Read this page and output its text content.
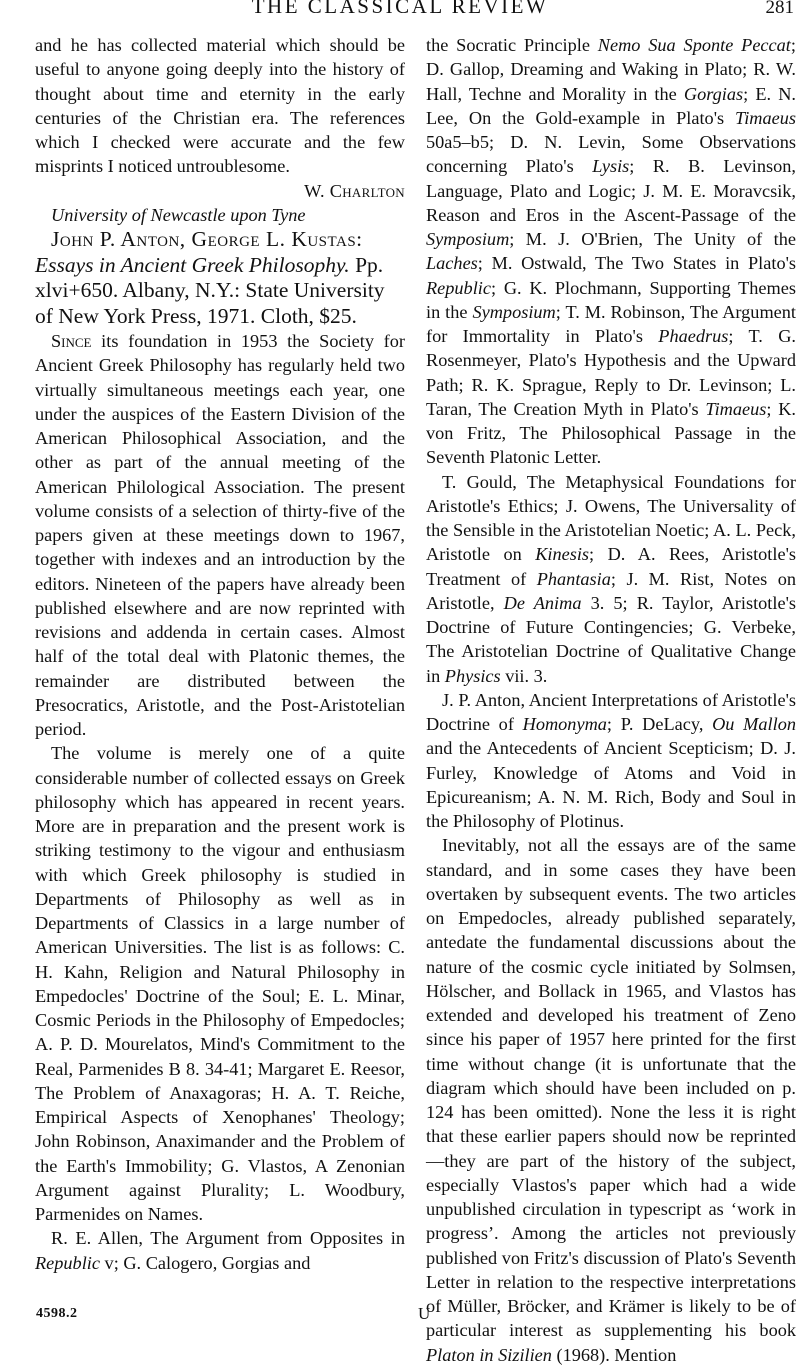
THE CLASSICAL REVIEW	281

and he has collected material which should be useful to anyone going deeply into the history of thought about time and eternity in the early centuries of the Christian era. The references which I checked were accurate and the few misprints I noticed untroublesome.

W. Charlton

University of Newcastle upon Tyne

John P. Anton, George L. Kustas: Essays in Ancient Greek Philosophy. Pp. xlvi+650. Albany, N.Y.: State University of New York Press, 1971. Cloth, $25.

Since its foundation in 1953 the Society for Ancient Greek Philosophy has regularly held two virtually simultaneous meetings each year, one under the auspices of the Eastern Division of the American Philosophical Association, and the other as part of the annual meeting of the American Philological Association. The present volume consists of a selection of thirty-five of the papers given at these meetings down to 1967, together with indexes and an introduction by the editors. Nineteen of the papers have already been published elsewhere and are now reprinted with revisions and addenda in certain cases. Almost half of the total deal with Platonic themes, the remainder are distributed between the Presocratics, Aristotle, and the Post-Aristotelian period.

The volume is merely one of a quite considerable number of collected essays on Greek philosophy which has appeared in recent years. More are in preparation and the present work is striking testimony to the vigour and enthusiasm with which Greek philosophy is studied in Departments of Philosophy as well as in Departments of Classics in a large number of American Universities. The list is as follows: C. H. Kahn, Religion and Natural Philosophy in Empedocles' Doctrine of the Soul; E. L. Minar, Cosmic Periods in the Philosophy of Empedocles; A. P. D. Mourelatos, Mind's Commitment to the Real, Parmenides B 8. 34-41; Margaret E. Reesor, The Problem of Anaxagoras; H. A. T. Reiche, Empirical Aspects of Xenophanes' Theology; John Robinson, Anaximander and the Problem of the Earth's Immobility; G. Vlastos, A Zenonian Argument against Plurality; L. Woodbury, Parmenides on Names.

R. E. Allen, The Argument from Opposites in Republic v; G. Calogero, Gorgias and

the Socratic Principle Nemo Sua Sponte Peccat; D. Gallop, Dreaming and Waking in Plato; R. W. Hall, Techne and Morality in the Gorgias; E. N. Lee, On the Gold-example in Plato's Timaeus 50a5–b5; D. N. Levin, Some Observations concerning Plato's Lysis; R. B. Levinson, Language, Plato and Logic; J. M. E. Moravcsik, Reason and Eros in the Ascent-Passage of the Symposium; M. J. O'Brien, The Unity of the Laches; M. Ostwald, The Two States in Plato's Republic; G. K. Plochmann, Supporting Themes in the Symposium; T. M. Robinson, The Argument for Immortality in Plato's Phaedrus; T. G. Rosenmeyer, Plato's Hypothesis and the Upward Path; R. K. Sprague, Reply to Dr. Levinson; L. Taran, The Creation Myth in Plato's Timaeus; K. von Fritz, The Philosophical Passage in the Seventh Platonic Letter.

T. Gould, The Metaphysical Foundations for Aristotle's Ethics; J. Owens, The Universality of the Sensible in the Aristotelian Noetic; A. L. Peck, Aristotle on Kinesis; D. A. Rees, Aristotle's Treatment of Phantasia; J. M. Rist, Notes on Aristotle, De Anima 3. 5; R. Taylor, Aristotle's Doctrine of Future Contingencies; G. Verbeke, The Aristotelian Doctrine of Qualitative Change in Physics vii. 3.

J. P. Anton, Ancient Interpretations of Aristotle's Doctrine of Homonyma; P. DeLacy, Ou Mallon and the Antecedents of Ancient Scepticism; D. J. Furley, Knowledge of Atoms and Void in Epicureanism; A. N. M. Rich, Body and Soul in the Philosophy of Plotinus.

Inevitably, not all the essays are of the same standard, and in some cases they have been overtaken by subsequent events. The two articles on Empedocles, already published separately, antedate the fundamental discussions about the nature of the cosmic cycle initiated by Solmsen, Hölscher, and Bollack in 1965, and Vlastos has extended and developed his treatment of Zeno since his paper of 1957 here printed for the first time without change (it is unfortunate that the diagram which should have been included on p. 124 has been omitted). None the less it is right that these earlier papers should now be reprinted—they are part of the history of the subject, especially Vlastos's paper which had a wide unpublished circulation in typescript as ‘work in progress’. Among the articles not previously published von Fritz's discussion of Plato's Seventh Letter in relation to the respective interpretations of Müller, Bröcker, and Krämer is likely to be of particular interest as supplementing his book Platon in Sizilien (1968). Mention

4598.2	U
